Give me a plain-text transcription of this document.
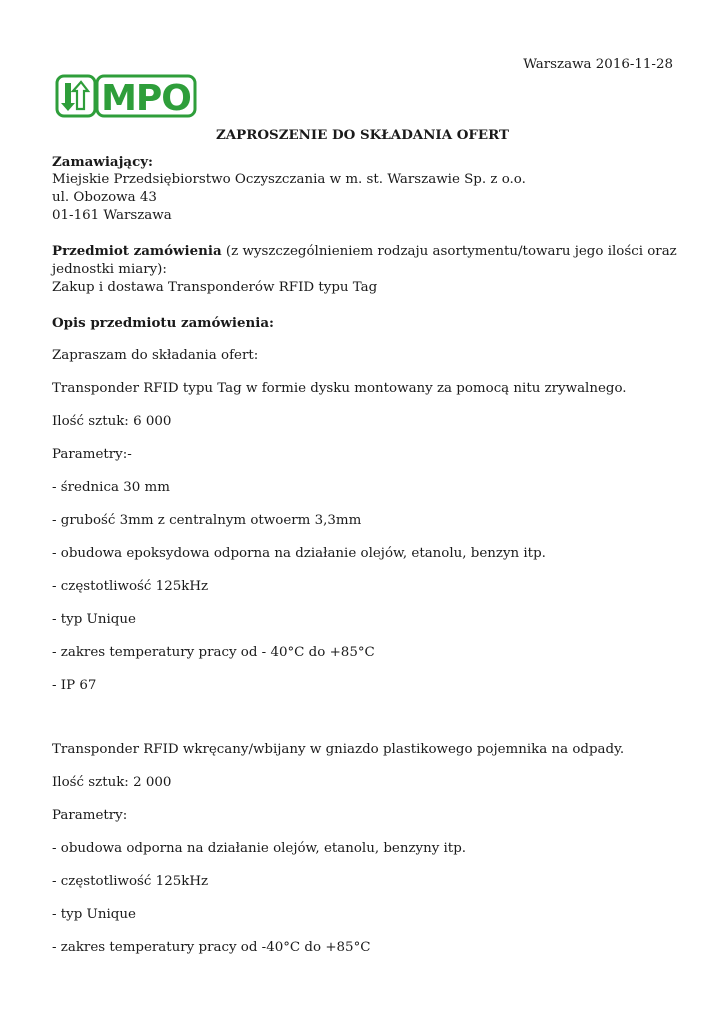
Warszawa 2016-11-28
MPO
ZAPROSZENIE DO SKŁADANIA OFERT
Zamawiający:
Miejskie Przedsiębiorstwo Oczyszczania w m. st. Warszawie Sp. z o.o.
ul. Obozowa 43
01-161 Warszawa
Przedmiot zamówienia (z wyszczególnieniem rodzaju asortymentu/towaru jego ilości oraz
jednostki miary):
Zakup i dostawa Transponderów RFID typu Tag
Opis przedmiotu zamówienia:
Zapraszam do składania ofert:
Transponder RFID typu Tag w formie dysku montowany za pomocą nitu zrywalnego.
Ilość sztuk: 6 000
Parametry:-
- średnica 30 mm
- grubość 3mm z centralnym otwoerm 3,3mm
- obudowa epoksydowa odporna na działanie olejów, etanolu, benzyn itp.
- częstotliwość 125kHz
- typ Unique
- zakres temperatury pracy od - 40°C do +85°C
- IP 67
Transponder RFID wkręcany/wbijany w gniazdo plastikowego pojemnika na odpady.
Ilość sztuk: 2 000
Parametry:
- obudowa odporna na działanie olejów, etanolu, benzyny itp.
- częstotliwość 125kHz
- typ Unique
- zakres temperatury pracy od -40°C do +85°C
